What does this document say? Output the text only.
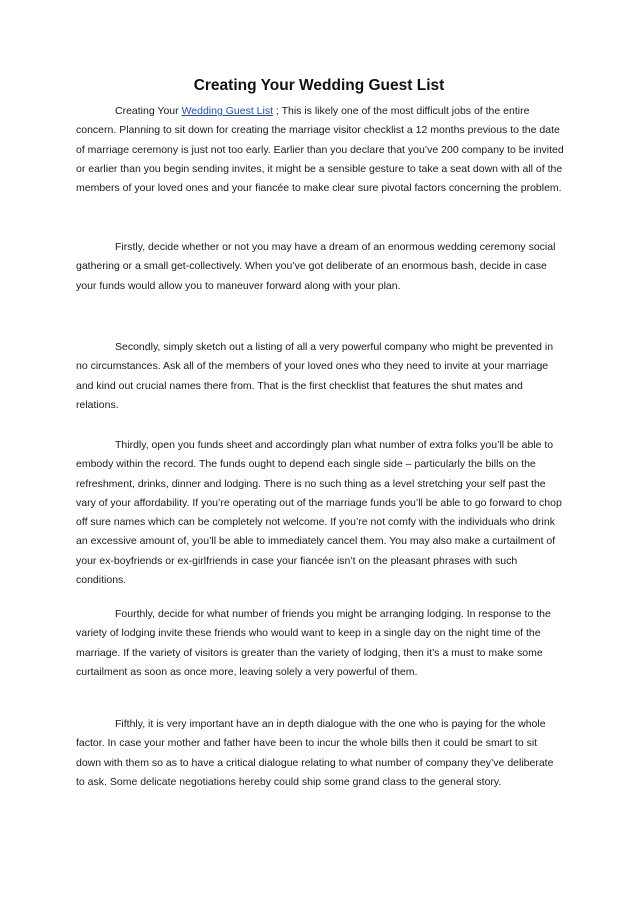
Creating Your Wedding Guest List

Creating Your Wedding Guest List ; This is likely one of the most difficult jobs of the entire concern. Planning to sit down for creating the marriage visitor checklist a 12 months previous to the date of marriage ceremony is just not too early. Earlier than you declare that you’ve 200 company to be invited or earlier than you begin sending invites, it might be a sensible gesture to take a seat down with all of the members of your loved ones and your fiancée to make clear sure pivotal factors concerning the problem.

Firstly, decide whether or not you may have a dream of an enormous wedding ceremony social gathering or a small get-collectively. When you’ve got deliberate of an enormous bash, decide in case your funds would allow you to maneuver forward along with your plan.

Secondly, simply sketch out a listing of all a very powerful company who might be prevented in no circumstances. Ask all of the members of your loved ones who they need to invite at your marriage and kind out crucial names there from. That is the first checklist that features the shut mates and relations.

Thirdly, open you funds sheet and accordingly plan what number of extra folks you’ll be able to embody within the record. The funds ought to depend each single side – particularly the bills on the refreshment, drinks, dinner and lodging. There is no such thing as a level stretching your self past the vary of your affordability. If you’re operating out of the marriage funds you’ll be able to go forward to chop off sure names which can be completely not welcome. If you’re not comfy with the individuals who drink an excessive amount of, you’ll be able to immediately cancel them. You may also make a curtailment of your ex-boyfriends or ex-girlfriends in case your fiancée isn’t on the pleasant phrases with such conditions.

Fourthly, decide for what number of friends you might be arranging lodging. In response to the variety of lodging invite these friends who would want to keep in a single day on the night time of the marriage. If the variety of visitors is greater than the variety of lodging, then it’s a must to make some curtailment as soon as once more, leaving solely a very powerful of them.

Fifthly, it is very important have an in depth dialogue with the one who is paying for the whole factor. In case your mother and father have been to incur the whole bills then it could be smart to sit down with them so as to have a critical dialogue relating to what number of company they’ve deliberate to ask. Some delicate negotiations hereby could ship some grand class to the general story.
